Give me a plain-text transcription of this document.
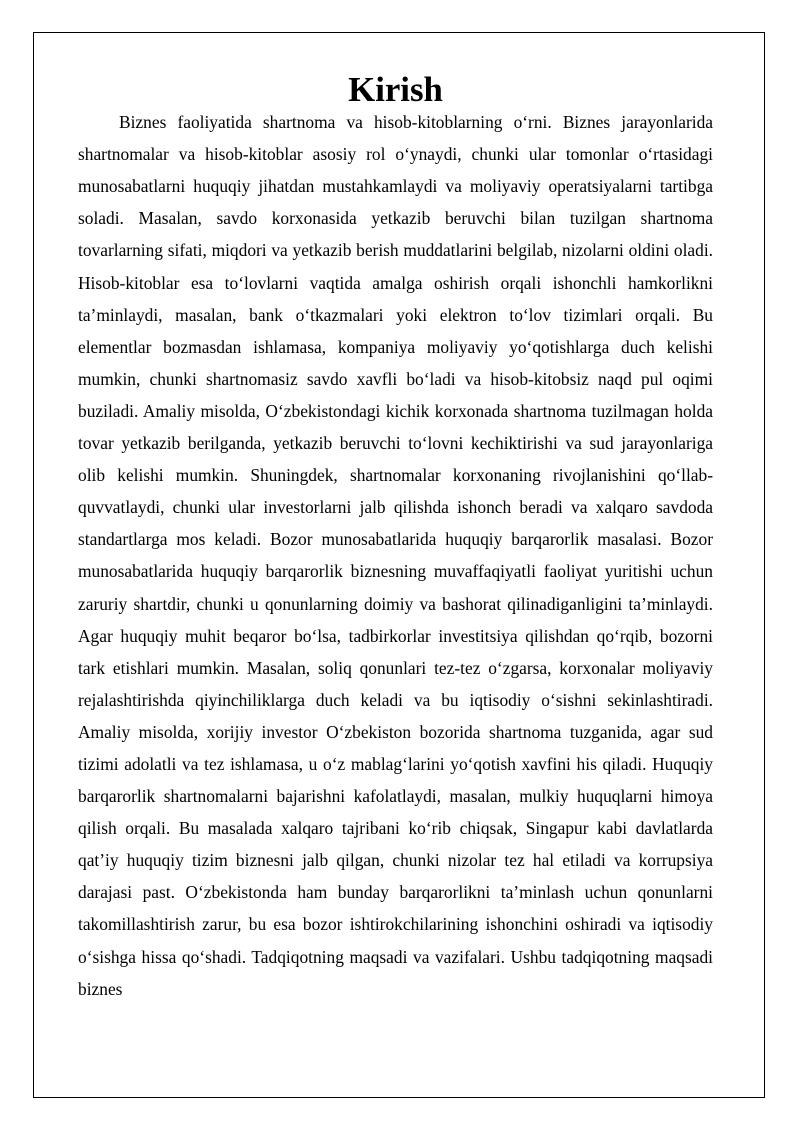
Kirish

Biznes faoliyatida shartnoma va hisob-kitoblarning o‘rni. Biznes jarayonlarida shartnomalar va hisob-kitoblar asosiy rol o‘ynaydi, chunki ular tomonlar o‘rtasidagi munosabatlarni huquqiy jihatdan mustahkamlaydi va moliyaviy operatsiyalarni tartibga soladi. Masalan, savdo korxonasida yetkazib beruvchi bilan tuzilgan shartnoma tovarlarning sifati, miqdori va yetkazib berish muddatlarini belgilab, nizolarni oldini oladi. Hisob-kitoblar esa to‘lovlarni vaqtida amalga oshirish orqali ishonchli hamkorlikni ta’minlaydi, masalan, bank o‘tkazmalari yoki elektron to‘lov tizimlari orqali. Bu elementlar bozmasdan ishlamasa, kompaniya moliyaviy yo‘qotishlarga duch kelishi mumkin, chunki shartnomasiz savdo xavfli bo‘ladi va hisob-kitobsiz naqd pul oqimi buziladi. Amaliy misolda, O‘zbekistondagi kichik korxonada shartnoma tuzilmagan holda tovar yetkazib berilganda, yetkazib beruvchi to‘lovni kechiktirishi va sud jarayonlariga olib kelishi mumkin. Shuningdek, shartnomalar korxonaning rivojlanishini qo‘llab-quvvatlaydi, chunki ular investorlarni jalb qilishda ishonch beradi va xalqaro savdoda standartlarga mos keladi. Bozor munosabatlarida huquqiy barqarorlik masalasi. Bozor munosabatlarida huquqiy barqarorlik biznesning muvaffaqiyatli faoliyat yuritishi uchun zaruriy shartdir, chunki u qonunlarning doimiy va bashorat qilinadiganligini ta’minlaydi. Agar huquqiy muhit beqaror bo‘lsa, tadbirkorlar investitsiya qilishdan qo‘rqib, bozorni tark etishlari mumkin. Masalan, soliq qonunlari tez-tez o‘zgarsa, korxonalar moliyaviy rejalashtirishda qiyinchiliklarga duch keladi va bu iqtisodiy o‘sishni sekinlashtiradi. Amaliy misolda, xorijiy investor O‘zbekiston bozorida shartnoma tuzganida, agar sud tizimi adolatli va tez ishlamasa, u o‘z mablag‘larini yo‘qotish xavfini his qiladi. Huquqiy barqarorlik shartnomalarni bajarishni kafolatlaydi, masalan, mulkiy huquqlarni himoya qilish orqali. Bu masalada xalqaro tajribani ko‘rib chiqsak, Singapur kabi davlatlarda qat’iy huquqiy tizim biznesni jalb qilgan, chunki nizolar tez hal etiladi va korrupsiya darajasi past. O‘zbekistonda ham bunday barqarorlikni ta’minlash uchun qonunlarni takomillashtirish zarur, bu esa bozor ishtirokchilarining ishonchini oshiradi va iqtisodiy o‘sishga hissa qo‘shadi. Tadqiqotning maqsadi va vazifalari. Ushbu tadqiqotning maqsadi biznes
